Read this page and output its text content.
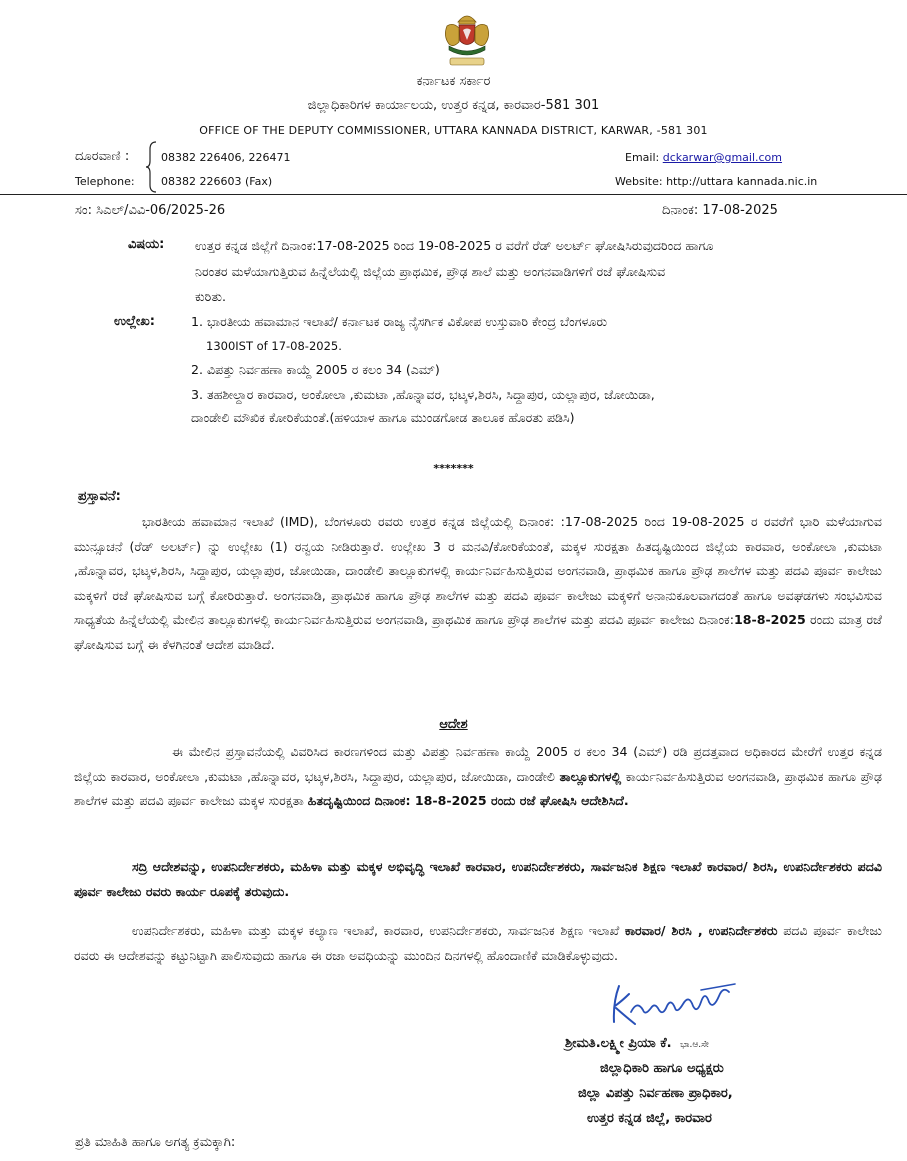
ಕರ್ನಾಟಕ ಸರ್ಕಾರ
ಜಿಲ್ಲಾಧಿಕಾರಿಗಳ ಕಾರ್ಯಾಲಯ, ಉತ್ತರ ಕನ್ನಡ, ಕಾರವಾರ-581 301
OFFICE OF THE DEPUTY COMMISSIONER, UTTARA KANNADA DISTRICT, KARWAR, -581 301
ದೂರವಾಣಿ :
Telephone:
08382 226406, 226471
08382 226603 (Fax)
Email: dckarwar@gmail.com
Website: http://uttara kannada.nic.in
ಸಂ: ಸಿಎಲ್/ವಿವಿ-06/2025-26	ದಿನಾಂಕ: 17-08-2025
ವಿಷಯ: ಉತ್ತರ ಕನ್ನಡ ಜಿಲ್ಲೆಗೆ ದಿನಾಂಕ:17-08-2025 ರಿಂದ 19-08-2025 ರ ವರೆಗೆ ರೆಡ್ ಅಲರ್ಟ್ ಘೋಷಿಸಿರುವುದರಿಂದ ಹಾಗೂ
ನಿರಂತರ ಮಳೆಯಾಗುತ್ತಿರುವ ಹಿನ್ನೆಲೆಯಲ್ಲಿ ಜಿಲ್ಲೆಯ ಪ್ರಾಥಮಿಕ, ಪ್ರೌಢ ಶಾಲೆ ಮತ್ತು ಅಂಗನವಾಡಿಗಳಿಗೆ ರಜೆ ಘೋಷಿಸುವ
ಕುರಿತು.
ಉಲ್ಲೇಖ:	1. ಭಾರತೀಯ ಹವಾಮಾನ ಇಲಾಖೆ/ ಕರ್ನಾಟಕ ರಾಜ್ಯ ನೈಸರ್ಗಿಕ ವಿಕೋಪ ಉಸ್ತುವಾರಿ ಕೇಂದ್ರ ಬೆಂಗಳೂರು
1300IST of 17-08-2025.
2. ವಿಪತ್ತು ನಿರ್ವಹಣಾ ಕಾಯ್ದೆ 2005 ರ ಕಲಂ 34 (ಎಮ್)
3. ತಹಶೀಲ್ದಾರ ಕಾರವಾರ, ಅಂಕೋಲಾ ,ಕುಮಟಾ ,ಹೊನ್ನಾವರ, ಭಟ್ಕಳ,ಶಿರಸಿ, ಸಿದ್ದಾಪುರ, ಯಲ್ಲಾಪುರ, ಜೋಯಿಡಾ,
ದಾಂಡೇಲಿ ಮೌಖಿಕ ಕೋರಿಕೆಯಂತೆ.(ಹಳಿಯಾಳ ಹಾಗೂ ಮುಂಡಗೋಡ ತಾಲೂಕ ಹೊರತು ಪಡಿಸಿ)
*******
ಪ್ರಸ್ತಾವನೆ:
ಭಾರತೀಯ ಹವಾಮಾನ ಇಲಾಖೆ (IMD), ಬೆಂಗಳೂರು ರವರು ಉತ್ತರ ಕನ್ನಡ ಜಿಲ್ಲೆಯಲ್ಲಿ ದಿನಾಂಕ: :17-08-2025 ರಿಂದ 19-08-2025 ರ ರವರೆಗೆ ಭಾರಿ ಮಳೆಯಾಗುವ ಮುನ್ಸೂಚನೆ (ರೆಡ್ ಅಲರ್ಟ್) ನ್ನು ಉಲ್ಲೇಖ (1) ರನ್ವಯ ನೀಡಿರುತ್ತಾರೆ. ಉಲ್ಲೇಖ 3 ರ ಮನವಿ/ಕೋರಿಕೆಯಂತೆ, ಮಕ್ಕಳ ಸುರಕ್ಷತಾ ಹಿತದೃಷ್ಟಿಯಿಂದ ಜಿಲ್ಲೆಯ ಕಾರವಾರ, ಅಂಕೋಲಾ ,ಕುಮಟಾ ,ಹೊನ್ನಾವರ, ಭಟ್ಕಳ,ಶಿರಸಿ, ಸಿದ್ದಾಪುರ, ಯಲ್ಲಾಪುರ, ಜೋಯಿಡಾ, ದಾಂಡೇಲಿ ತಾಲ್ಲೂಕುಗಳಲ್ಲಿ ಕಾರ್ಯನಿರ್ವಹಿಸುತ್ತಿರುವ ಅಂಗನವಾಡಿ, ಪ್ರಾಥಮಿಕ ಹಾಗೂ ಪ್ರೌಢ ಶಾಲೆಗಳ ಮತ್ತು ಪದವಿ ಪೂರ್ವ ಕಾಲೇಜು ಮಕ್ಕಳಿಗೆ ರಜೆ ಘೋಷಿಸುವ ಬಗ್ಗೆ ಕೋರಿರುತ್ತಾರೆ. ಅಂಗನವಾಡಿ, ಪ್ರಾಥಮಿಕ ಹಾಗೂ ಪ್ರೌಢ ಶಾಲೆಗಳ ಮತ್ತು ಪದವಿ ಪೂರ್ವ ಕಾಲೇಜು ಮಕ್ಕಳಿಗೆ ಅನಾನುಕೂಲವಾಗದಂತೆ ಹಾಗೂ ಅವಘಡಗಳು ಸಂಭವಿಸುವ ಸಾಧ್ಯತೆಯ ಹಿನ್ನೆಲೆಯಲ್ಲಿ ಮೇಲಿನ ತಾಲ್ಲೂಕುಗಳಲ್ಲಿ ಕಾರ್ಯನಿರ್ವಹಿಸುತ್ತಿರುವ ಅಂಗನವಾಡಿ, ಪ್ರಾಥಮಿಕ ಹಾಗೂ ಪ್ರೌಢ ಶಾಲೆಗಳ ಮತ್ತು ಪದವಿ ಪೂರ್ವ ಕಾಲೇಜು ದಿನಾಂಕ:18-8-2025 ರಂದು ಮಾತ್ರ ರಜೆ ಘೋಷಿಸುವ ಬಗ್ಗೆ ಈ ಕೆಳಗಿನಂತೆ ಆದೇಶ ಮಾಡಿದೆ.
ಆದೇಶ
ಈ ಮೇಲಿನ ಪ್ರಸ್ತಾವನೆಯಲ್ಲಿ ವಿವರಿಸಿದ ಕಾರಣಗಳಿಂದ ಮತ್ತು ವಿಪತ್ತು ನಿರ್ವಹಣಾ ಕಾಯ್ದೆ 2005 ರ ಕಲಂ 34 (ಎಮ್) ರಡಿ ಪ್ರದತ್ತವಾದ ಅಧಿಕಾರದ ಮೇರೆಗೆ ಉತ್ತರ ಕನ್ನಡ ಜಿಲ್ಲೆಯ ಕಾರವಾರ, ಅಂಕೋಲಾ ,ಕುಮಟಾ ,ಹೊನ್ನಾವರ, ಭಟ್ಕಳ,ಶಿರಸಿ, ಸಿದ್ದಾಪುರ, ಯಲ್ಲಾಪುರ, ಜೋಯಿಡಾ, ದಾಂಡೇಲಿ ತಾಲ್ಲೂಕುಗಳಲ್ಲಿ ಕಾರ್ಯನಿರ್ವಹಿಸುತ್ತಿರುವ ಅಂಗನವಾಡಿ, ಪ್ರಾಥಮಿಕ ಹಾಗೂ ಪ್ರೌಢ ಶಾಲೆಗಳ ಮತ್ತು ಪದವಿ ಪೂರ್ವ ಕಾಲೇಜು ಮಕ್ಕಳ ಸುರಕ್ಷತಾ ಹಿತದೃಷ್ಟಿಯಿಂದ ದಿನಾಂಕ: 18-8-2025 ರಂದು ರಜೆ ಘೋಷಿಸಿ ಆದೇಶಿಸಿದೆ.
ಸದ್ರಿ ಆದೇಶವನ್ನು, ಉಪನಿರ್ದೇಶಕರು, ಮಹಿಳಾ ಮತ್ತು ಮಕ್ಕಳ ಅಭಿವೃದ್ಧಿ ಇಲಾಖೆ ಕಾರವಾರ, ಉಪನಿರ್ದೇಶಕರು, ಸಾರ್ವಜನಿಕ ಶಿಕ್ಷಣ ಇಲಾಖೆ ಕಾರವಾರ/ ಶಿರಸಿ, ಉಪನಿರ್ದೇಶಕರು ಪದವಿ ಪೂರ್ವ ಕಾಲೇಜು ರವರು ಕಾರ್ಯ ರೂಪಕ್ಕೆ ತರುವುದು.
ಉಪನಿರ್ದೇಶಕರು, ಮಹಿಳಾ ಮತ್ತು ಮಕ್ಕಳ ಕಲ್ಯಾಣ ಇಲಾಖೆ, ಕಾರವಾರ, ಉಪನಿರ್ದೇಶಕರು, ಸಾರ್ವಜನಿಕ ಶಿಕ್ಷಣ ಇಲಾಖೆ ಕಾರವಾರ/ ಶಿರಸಿ , ಉಪನಿರ್ದೇಶಕರು ಪದವಿ ಪೂರ್ವ ಕಾಲೇಜು ರವರು ಈ ಆದೇಶವನ್ನು ಕಟ್ಟುನಿಟ್ಟಾಗಿ ಪಾಲಿಸುವುದು ಹಾಗೂ ಈ ರಜಾ ಅವಧಿಯನ್ನು ಮುಂದಿನ ದಿನಗಳಲ್ಲಿ ಹೊಂದಾಣಿಕೆ ಮಾಡಿಕೊಳ್ಳುವುದು.
ಶ್ರೀಮತಿ.ಲಕ್ಷ್ಮೀ ಪ್ರಿಯಾ ಕೆ. ಭಾ.ಆ.ಸೇ
ಜಿಲ್ಲಾಧಿಕಾರಿ ಹಾಗೂ ಅಧ್ಯಕ್ಷರು
ಜಿಲ್ಲಾ ವಿಪತ್ತು ನಿರ್ವಹಣಾ ಪ್ರಾಧಿಕಾರ,
ಉತ್ತರ ಕನ್ನಡ ಜಿಲ್ಲೆ, ಕಾರವಾರ
ಪ್ರತಿ ಮಾಹಿತಿ ಹಾಗೂ ಅಗತ್ಯ ಕ್ರಮಕ್ಕಾಗಿ:
